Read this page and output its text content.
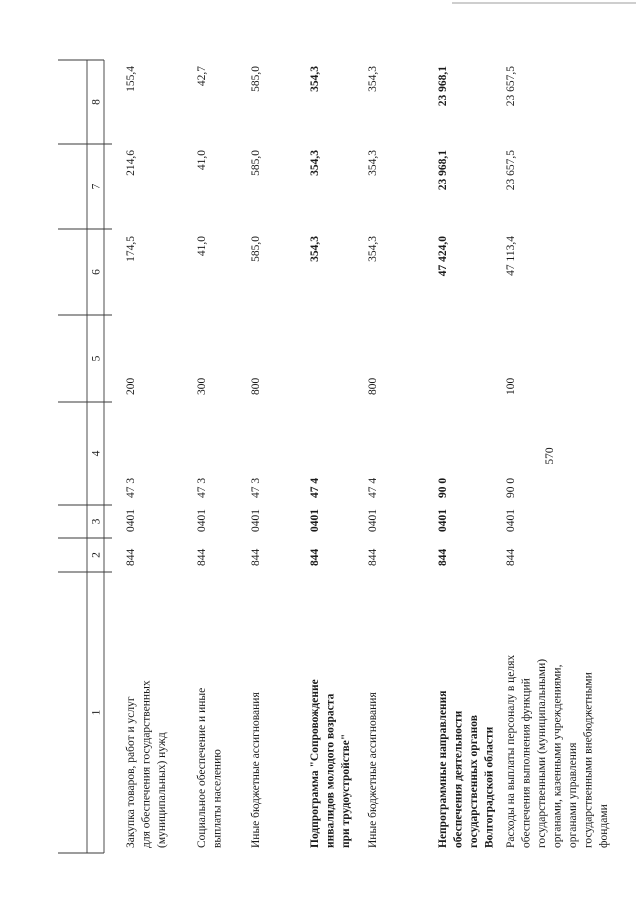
570
1
2
3
4
5
6
7
8
Закупка товаров, работ и услуг для обеспечения государственных (муниципальных) нужд
844
0401
47 3
200
174,5
214,6
155,4
Социальное обеспечение и иные выплаты населению
844
0401
47 3
300
41,0
41,0
42,7
Иные бюджетные ассигнования
844
0401
47 3
800
585,0
585,0
585,0
Подпрограмма "Сопровождение инвалидов молодого возраста при трудоустройстве"
844
0401
47 4
354,3
354,3
354,3
Иные бюджетные ассигнования
844
0401
47 4
800
354,3
354,3
354,3
Непрограммные направления обеспечения деятельности государственных органов Волгоградской области
844
0401
90 0
47 424,0
23 968,1
23 968,1
Расходы на выплаты персоналу в целях обеспечения выполнения функций государственными (муниципальными) органами, казенными учреждениями, органами управления государственными внебюджетными фондами
844
0401
90 0
100
47 113,4
23 657,5
23 657,5
